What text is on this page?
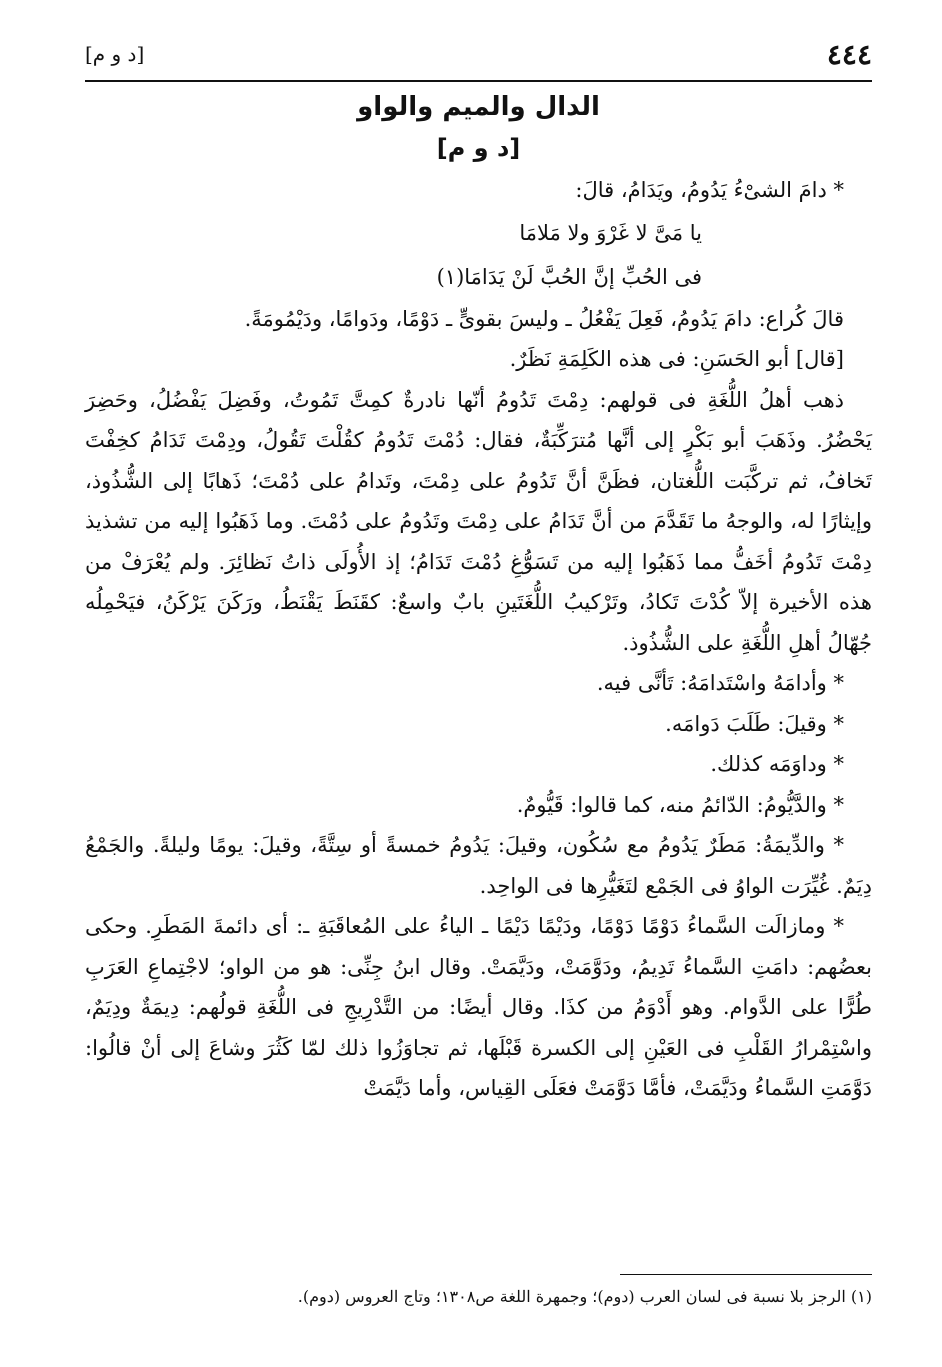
٤٤٤
[د و م]
الدال والميم والواو
[د و م]

* دامَ الشىْءُ يَدُومُ، ويَدَامُ، قالَ:

يا مَىَّ لا غَرْوَ ولا مَلامَا

فى الحُبِّ إنَّ الحُبَّ لَنْ يَدَامَا(١)

قالَ كُراع: دامَ يَدُومُ، فَعِلَ يَفْعُلُ ـ وليسَ بقوىٍّ ـ دَوْمًا، ودَوامًا، ودَيْمُومَةً.

[قال] أبو الحَسَنِ: فى هذه الكَلِمَةِ نَظَرٌ.

ذهب أهلُ اللُّغَةِ فى قولهم: دِمْتَ تَدُومُ أنّها نادرةٌ كمِتَّ تَمُوتُ، وفَضِلَ يَفْضُلُ، وحَضِرَ يَحْضُرُ. وذَهَبَ أبو بَكْرٍ إلى أنَّها مُترَكِّبَةٌ، فقال: دُمْتَ تَدُومُ كقُلْتَ تَقُولُ، ودِمْتَ تَدَامُ كخِفْتَ تَخافُ، ثم تركَّبَت اللُّغتان، فظَنَّ أنَّ تَدُومُ على دِمْتَ، وتَدامُ على دُمْتَ؛ ذَهابًا إلى الشُّذُوذ، وإيثارًا له، والوجهُ ما تَقَدَّمَ من أنَّ تَدَامُ على دِمْتَ وتَدُومُ على دُمْتَ. وما ذَهَبُوا إليه من تشذيذ دِمْتَ تَدُومُ أخَفُّ مما ذَهَبُوا إليه من تَسَوُّغِ دُمْتَ تَدَامُ؛ إذ الأُولَى ذاتُ نَظائِرَ. ولم يُعْرَفْ من هذه الأخيرة إلاّ كُدْتَ تَكادُ، وتَرْكيبُ اللُّغَتَينِ بابٌ واسعٌ: كقَنَطَ يَقْنَطُ، ورَكَنَ يَرْكَنُ، فيَحْمِلُه جُهّالُ أهلِ اللُّغَةِ على الشُّذُوذ.

* وأدامَهُ واسْتَدامَهُ: تَأنَّى فيه.

* وقيلَ: طَلَبَ دَوامَه.

* وداوَمَه كذلك.

* والدَّيُّومُ: الدّائمُ منه، كما قالوا: قَيُّومٌ.

* والدِّيمَةُ: مَطَرٌ يَدُومُ مع سُكُون، وقيلَ: يَدُومُ خمسةً أو سِتَّةً، وقيلَ: يومًا وليلةً. والجَمْعُ دِيَمٌ. غُيِّرَت الواوُ فى الجَمْع لتَغَيُّرِها فى الواحِد.

* ومازالَت السَّماءُ دَوْمًا دَوْمًا، ودَيْمًا دَيْمًا ـ الياءُ على المُعاقَبَةِ ـ: أى دائمةَ المَطَرِ. وحكى بعضُهم: دامَتِ السَّماءُ تَدِيمُ، ودَوَّمَتْ، ودَيَّمَتْ. وقال ابنُ جِنِّى: هو من الواو؛ لاجْتِماعِ العَرَبِ طُرًّا على الدَّوام. وهو أَدْوَمُ من كذَا. وقال أيضًا: من التَّدْرِيجِ فى اللُّغَةِ قولُهم: دِيمَةٌ ودِيَمٌ، واسْتِمْرارُ القَلْبِ فى العَيْنِ إلى الكسرة قَبْلَها، ثم تجاوَزُوا ذلك لمّا كَثُرَ وشاعَ إلى أنْ قالُوا: دَوَّمَتِ السَّماءُ ودَيَّمَتْ، فأمَّا دَوَّمَتْ فعَلَى القِياس، وأما دَيَّمَتْ

(١) الرجز بلا نسبة فى لسان العرب (دوم)؛ وجمهرة اللغة ص١٣٠٨؛ وتاج العروس (دوم).
